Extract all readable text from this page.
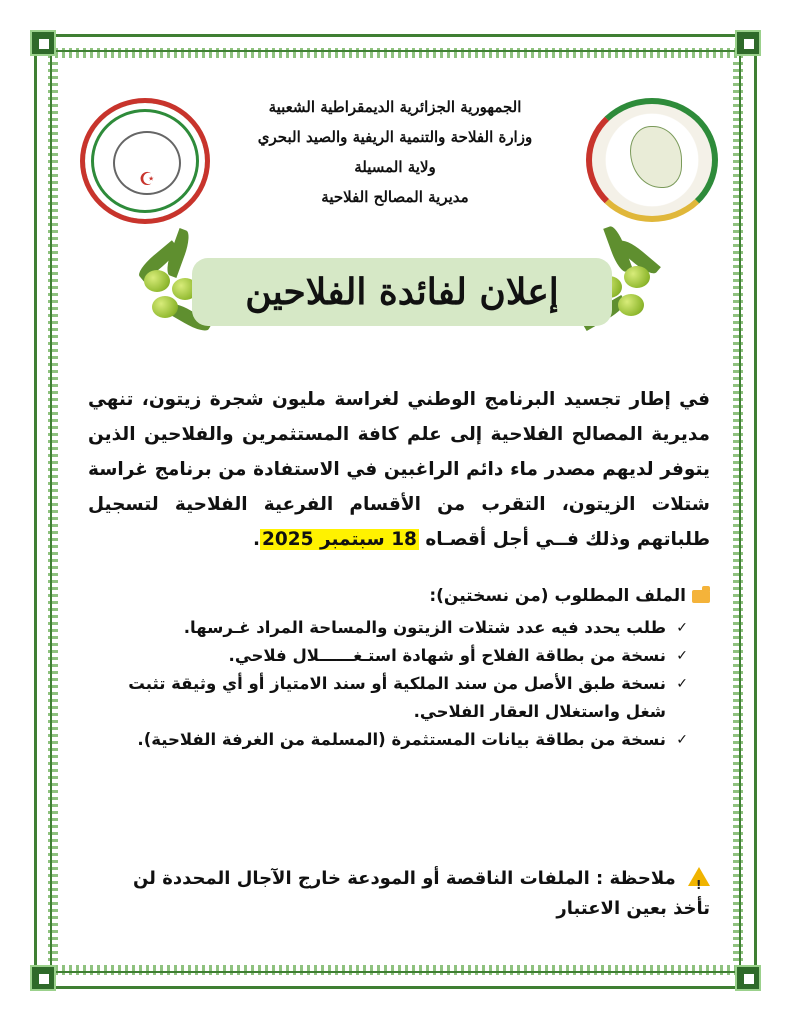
☪
الجمهورية الجزائرية الديمقراطية الشعبية
وزارة الفلاحة والتنمية الريفية والصيد البحري
ولاية المسيلة
مديرية المصالح الفلاحية
إعلان لفائدة الفلاحين
في إطار تجسيد البرنامج الوطني لغراسة مليون شجرة زيتون، تنهي مديرية المصالح الفلاحية إلى علم كافة المستثمرين والفلاحين الذين يتوفر لديهم مصدر ماء دائم الراغبين في الاستفادة من برنامج غراسة شتلات الزيتون، التقرب من الأقسام الفرعية الفلاحية لتسجيل طلباتهم وذلك فــي أجل أقصـاه 18 سبتمبر 2025.
الملف المطلوب (من نسختين):
✓ طلب يحدد فيه عدد شتلات الزيتون والمساحة المراد غـرسها.
✓ نسخة من بطاقة الفلاح أو شهادة استـغــــــلال فلاحي.
✓ نسخة طبق الأصل من سند الملكية أو سند الامتياز أو أي وثيقة تثبت شغل واستغلال العقار الفلاحي.
✓ نسخة من بطاقة بيانات المستثمرة (المسلمة من الغرفة الفلاحية).
! ملاحظة : الملفات الناقصة أو المودعة خارج الآجال المحددة لن تأخذ بعين الاعتبار
